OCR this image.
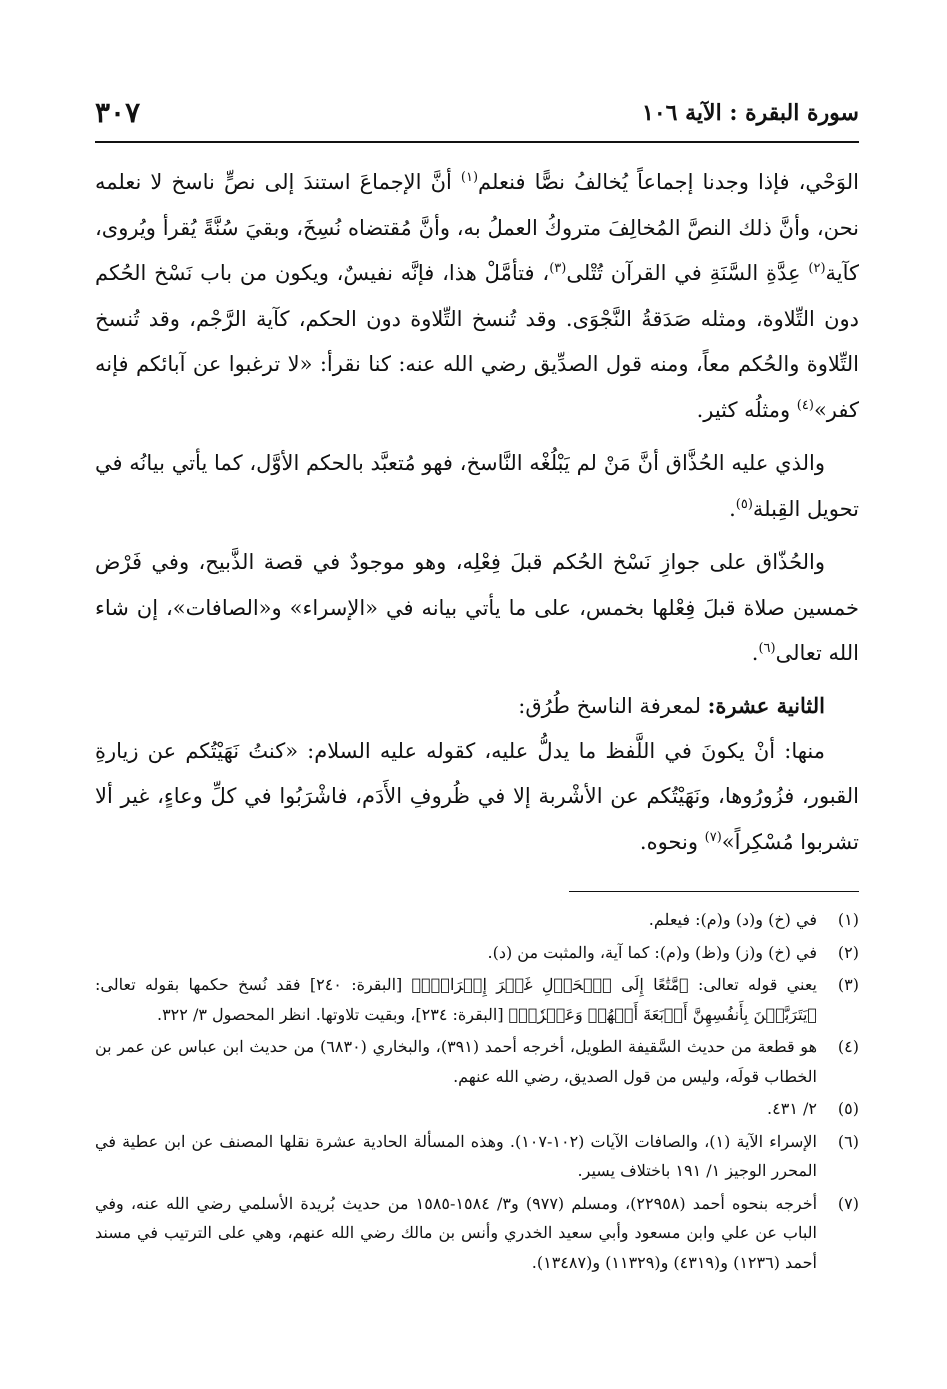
سورة البقرة : الآية ١٠٦
٣٠٧

الوَحْي، فإذا وجدنا إجماعاً يُخالفُ نصًّا فنعلم$^{(١)}$ أنَّ الإجماعَ استندَ إلى نصٍّ ناسخ لا نعلمه نحن، وأنَّ ذلك النصَّ المُخالِفَ متروكُ العملُ به، وأنَّ مُقتضاه نُسِخَ، وبقيَ سُنَّةً يُقرأ ويُروى، كآية$^{(٢)}$ عِدَّةِ السَّنَةِ في القرآن تُتْلى$^{(٣)}$، فتأمَّلْ هذا، فإنَّه نفيسٌ، ويكون من باب نَسْخ الحُكم دون التِّلاوة، ومثله صَدَقةُ النَّجْوَى. وقد تُنسخ التِّلاوة دون الحكم، كآية الرَّجْم، وقد تُنسخ التِّلاوة والحُكم معاً، ومنه قول الصدِّيق رضي الله عنه: كنا نقرأ: «لا ترغبوا عن آبائكم فإنه كفر»$^{(٤)}$ ومثلُه كثير.

والذي عليه الحُذَّاق أنَّ مَنْ لم يَبْلُغْه النَّاسخ، فهو مُتعبَّد بالحكم الأوَّل، كما يأتي بيانُه في تحويل القِبلة$^{(٥)}$.

والحُذّاق على جوازِ نَسْخ الحُكم قبلَ فِعْلِه، وهو موجودٌ في قصة الذَّبيح، وفي فَرْض خمسين صلاة قبلَ فِعْلها بخمس، على ما يأتي بيانه في «الإسراء» و«الصافات»، إن شاء الله تعالى$^{(٦)}$.

الثانية عشرة: لمعرفة الناسخ طُرُق:

منها: أنْ يكونَ في اللَّفظ ما يدلُّ عليه، كقوله عليه السلام: «كنتُ نَهَيْتُكم عن زيارةِ القبور، فزُورُوها، ونَهَيْتُكم عن الأشْربة إلا في ظُروفِ الأَدَم، فاشْرَبُوا في كلِّ وعاءٍ، غير ألا تشربوا مُسْكِراً»$^{(٧)}$ ونحوه.

(١)
في (خ) و(د) و(م): فيعلم.
(٢)
في (خ) و(ز) و(ظ) و(م): كما آية، والمثبت من (د).
(٣)
يعني قوله تعالى: ﴿مَّتَٰعًا إِلَى ٱلۡحَوۡلِ غَيۡرَ إِخۡرَاجٖۚ﴾ [البقرة: ٢٤٠] فقد نُسخ حكمها بقوله تعالى: ﴿يَتَرَبَّصۡنَ بِأَنفُسِهِنَّ أَرۡبَعَةَ أَشۡهُرٖ وَعَشۡرٗاۖ﴾ [البقرة: ٢٣٤]، وبقيت تلاوتها. انظر المحصول ٣/ ٣٢٢.
(٤)
هو قطعة من حديث السَّقيفة الطويل، أخرجه أحمد (٣٩١)، والبخاري (٦٨٣٠) من حديث ابن عباس عن عمر بن الخطاب قولَه، وليس من قول الصديق، رضي الله عنهم.
(٥)
٢/ ٤٣١.
(٦)
الإسراء الآية (١)، والصافات الآيات (١٠٢-١٠٧). وهذه المسألة الحادية عشرة نقلها المصنف عن ابن عطية في المحرر الوجيز ١/ ١٩١ باختلاف يسير.
(٧)
أخرجه بنحوه أحمد (٢٢٩٥٨)، ومسلم (٩٧٧) و٣/ ١٥٨٤-١٥٨٥ من حديث بُريدة الأسلمي رضي الله عنه، وفي الباب عن علي وابن مسعود وأبي سعيد الخدري وأنس بن مالك رضي الله عنهم، وهي على الترتيب في مسند أحمد (١٢٣٦) و(٤٣١٩) و(١١٣٢٩) و(١٣٤٨٧).
